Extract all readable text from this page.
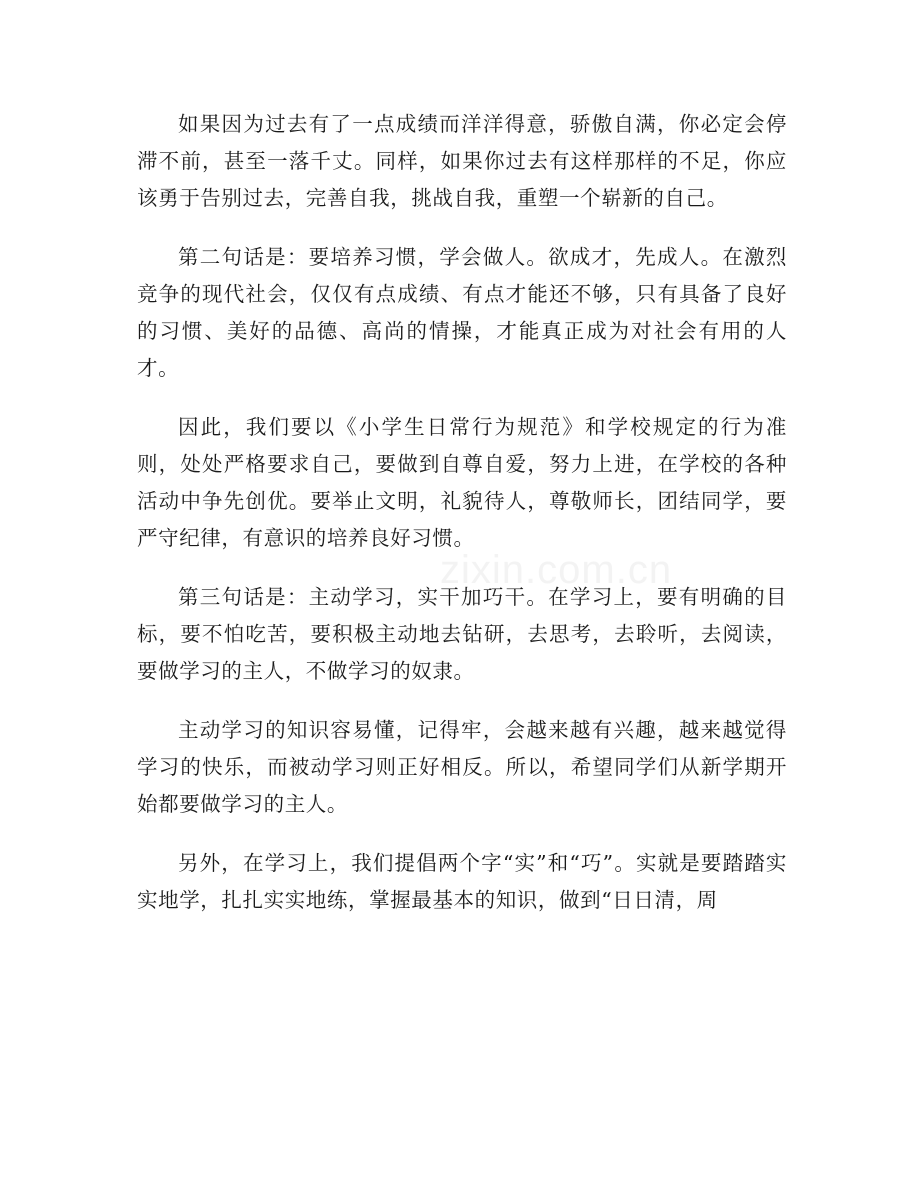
如果因为过去有了一点成绩而洋洋得意，骄傲自满，你必定会停滞不前，甚至一落千丈。同样，如果你过去有这样那样的不足，你应该勇于告别过去，完善自我，挑战自我，重塑一个崭新的自己。

第二句话是：要培养习惯，学会做人。欲成才，先成人。在激烈竞争的现代社会，仅仅有点成绩、有点才能还不够，只有具备了良好的习惯、美好的品德、高尚的情操，才能真正成为对社会有用的人才。

因此，我们要以《小学生日常行为规范》和学校规定的行为准则，处处严格要求自己，要做到自尊自爱，努力上进，在学校的各种活动中争先创优。要举止文明，礼貌待人，尊敬师长，团结同学，要严守纪律，有意识的培养良好习惯。

第三句话是：主动学习，实干加巧干。在学习上，要有明确的目标，要不怕吃苦，要积极主动地去钻研，去思考，去聆听，去阅读，要做学习的主人，不做学习的奴隶。

主动学习的知识容易懂，记得牢，会越来越有兴趣，越来越觉得学习的快乐，而被动学习则正好相反。所以，希望同学们从新学期开始都要做学习的主人。

另外，在学习上，我们提倡两个字“实”和“巧”。实就是要踏踏实实地学，扎扎实实地练，掌握最基本的知识，做到“日日清，周

zixin.com.cn
